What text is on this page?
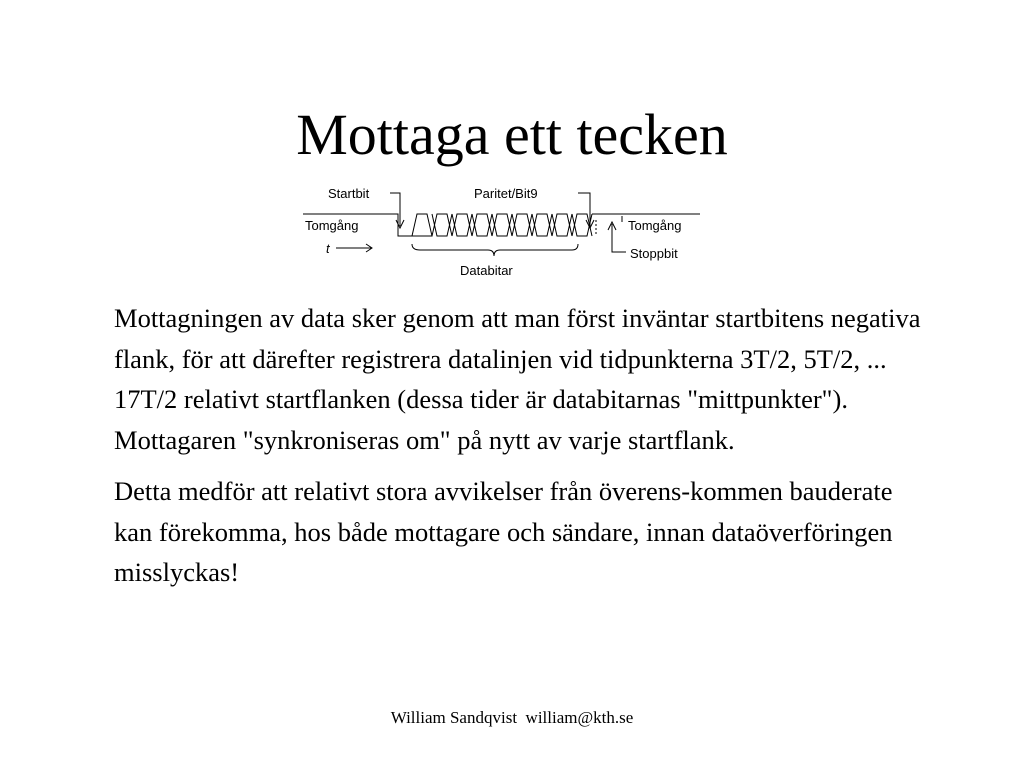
Mottaga ett tecken
Startbit	Paritet/Bit9
Tomgång	Tomgång
t	Stoppbit
Databitar

Mottagningen av data sker genom att man först inväntar startbitens negativa flank, för att därefter registrera datalinjen vid tidpunkterna 3T/2, 5T/2, ... 17T/2 relativt startflanken (dessa tider är databitarnas "mittpunkter"). Mottagaren "synkroniseras om" på nytt av varje startflank.

Detta medför att relativt stora avvikelser från överens-kommen bauderate kan förekomma, hos både mottagare och sändare, innan dataöverföringen misslyckas!

William Sandqvist  william@kth.se
